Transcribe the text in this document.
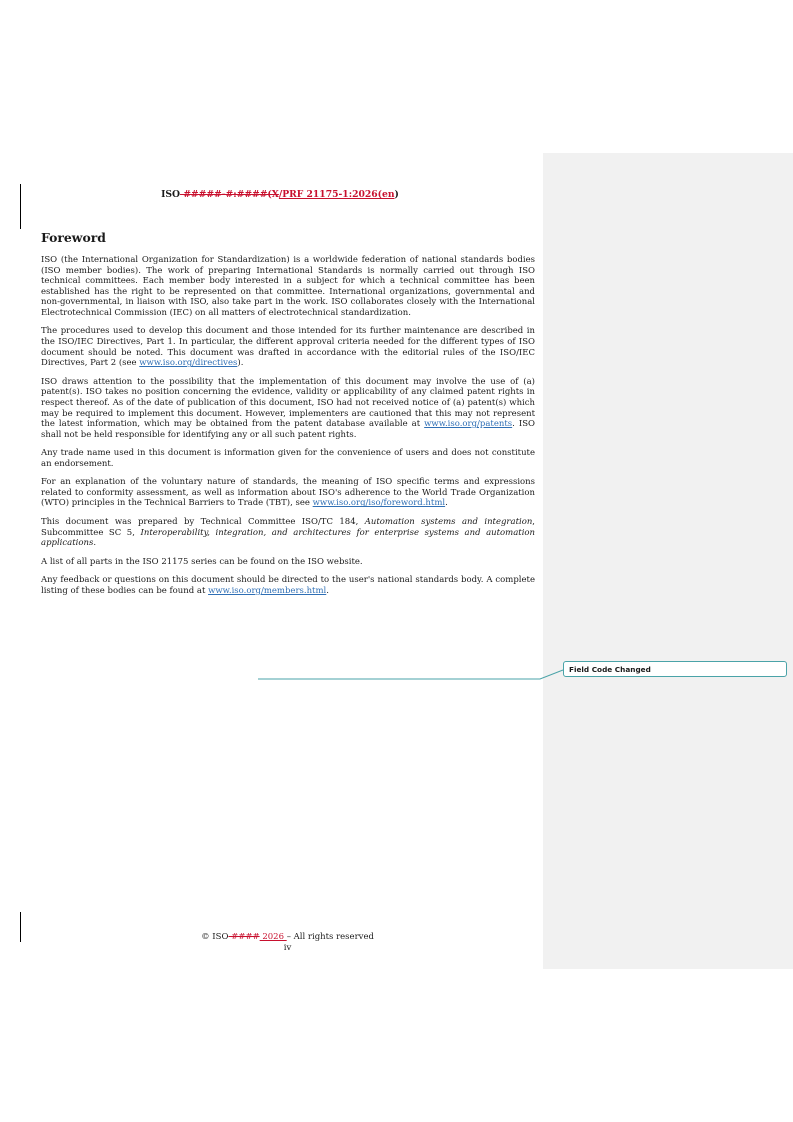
ISO #####-#:####(X/PRF 21175-1:2026(en)
Foreword

ISO (the International Organization for Standardization) is a worldwide federation of national standards bodies (ISO member bodies). The work of preparing International Standards is normally carried out through ISO technical committees. Each member body interested in a subject for which a technical committee has been established has the right to be represented on that committee. International organizations, governmental and non-governmental, in liaison with ISO, also take part in the work. ISO collaborates closely with the International Electrotechnical Commission (IEC) on all matters of electrotechnical standardization.

The procedures used to develop this document and those intended for its further maintenance are described in the ISO/IEC Directives, Part 1. In particular, the different approval criteria needed for the different types of ISO document should be noted. This document was drafted in accordance with the editorial rules of the ISO/IEC Directives, Part 2 (see www.iso.org/directives).

ISO draws attention to the possibility that the implementation of this document may involve the use of (a) patent(s). ISO takes no position concerning the evidence, validity or applicability of any claimed patent rights in respect thereof. As of the date of publication of this document, ISO had not received notice of (a) patent(s) which may be required to implement this document. However, implementers are cautioned that this may not represent the latest information, which may be obtained from the patent database available at www.iso.org/patents. ISO shall not be held responsible for identifying any or all such patent rights.

Any trade name used in this document is information given for the convenience of users and does not constitute an endorsement.

For an explanation of the voluntary nature of standards, the meaning of ISO specific terms and expressions related to conformity assessment, as well as information about ISO's adherence to the World Trade Organization (WTO) principles in the Technical Barriers to Trade (TBT), see www.iso.org/iso/foreword.html.

This document was prepared by Technical Committee ISO/TC 184, Automation systems and integration, Subcommittee SC 5, Interoperability, integration, and architectures for enterprise systems and automation applications.

A list of all parts in the ISO 21175 series can be found on the ISO website.

Any feedback or questions on this document should be directed to the user's national standards body. A complete listing of these bodies can be found at www.iso.org/members.html.

Field Code Changed
© ISO #### 2026 – All rights reserved
iv
